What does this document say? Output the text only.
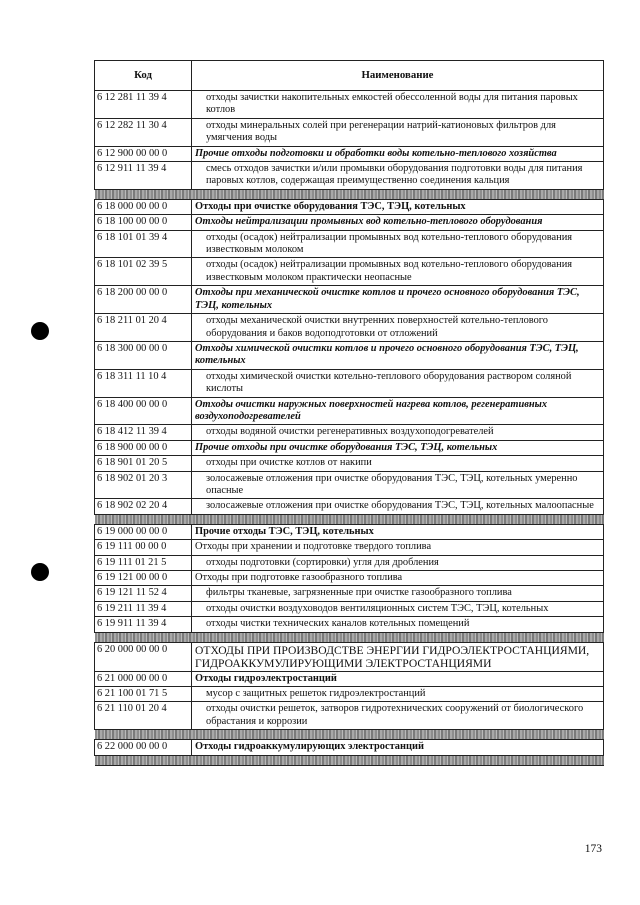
Код	Наименование
6 12 281 11 39 4	отходы зачистки накопительных емкостей обессоленной воды для питания паровых котлов
6 12 282 11 30 4	отходы минеральных солей при регенерации натрий-катионовых фильтров для умягчения воды
6 12 900 00 00 0	Прочие отходы подготовки и обработки воды котельно-теплового хозяйства
6 12 911 11 39 4	смесь отходов зачистки и/или промывки оборудования подготовки воды для питания паровых котлов, содержащая преимущественно соединения кальция

6 18 000 00 00 0	Отходы при очистке оборудования ТЭС, ТЭЦ, котельных
6 18 100 00 00 0	Отходы нейтрализации промывных вод котельно-теплового оборудования
6 18 101 01 39 4	отходы (осадок) нейтрализации промывных вод котельно-теплового оборудования известковым молоком
6 18 101 02 39 5	отходы (осадок) нейтрализации промывных вод котельно-теплового оборудования известковым молоком практически неопасные
6 18 200 00 00 0	Отходы при механической очистке котлов и прочего основного оборудования ТЭС, ТЭЦ, котельных
6 18 211 01 20 4	отходы механической очистки внутренних поверхностей котельно-теплового оборудования и баков водоподготовки от отложений
6 18 300 00 00 0	Отходы химической очистки котлов и прочего основного оборудования ТЭС, ТЭЦ, котельных
6 18 311 11 10 4	отходы химической очистки котельно-теплового оборудования раствором соляной кислоты
6 18 400 00 00 0	Отходы очистки наружных поверхностей нагрева котлов, регенеративных воздухоподогревателей
6 18 412 11 39 4	отходы водяной очистки регенеративных воздухоподогревателей
6 18 900 00 00 0	Прочие отходы при очистке оборудования ТЭС, ТЭЦ, котельных
6 18 901 01 20 5	отходы при очистке котлов от накипи
6 18 902 01 20 3	золосажевые отложения при очистке оборудования ТЭС, ТЭЦ, котельных умеренно опасные
6 18 902 02 20 4	золосажевые отложения при очистке оборудования ТЭС, ТЭЦ, котельных малоопасные

6 19 000 00 00 0	Прочие отходы ТЭС, ТЭЦ, котельных
6 19 111 00 00 0	Отходы при хранении и подготовке твердого топлива
6 19 111 01 21 5	отходы подготовки (сортировки) угля для дробления
6 19 121 00 00 0	Отходы при подготовке газообразного топлива
6 19 121 11 52 4	фильтры тканевые, загрязненные при очистке газообразного топлива
6 19 211 11 39 4	отходы очистки воздуховодов вентиляционных систем ТЭС, ТЭЦ, котельных
6 19 911 11 39 4	отходы чистки технических каналов котельных помещений

6 20 000 00 00 0	ОТХОДЫ ПРИ ПРОИЗВОДСТВЕ ЭНЕРГИИ ГИДРОЭЛЕКТРОСТАНЦИЯМИ, ГИДРОАККУМУЛИРУЮЩИМИ ЭЛЕКТРОСТАНЦИЯМИ
6 21 000 00 00 0	Отходы гидроэлектростанций
6 21 100 01 71 5	мусор с защитных решеток гидроэлектростанций
6 21 110 01 20 4	отходы очистки решеток, затворов гидротехнических сооружений от биологического обрастания и коррозии

6 22 000 00 00 0	Отходы гидроаккумулирующих электростанций

173
